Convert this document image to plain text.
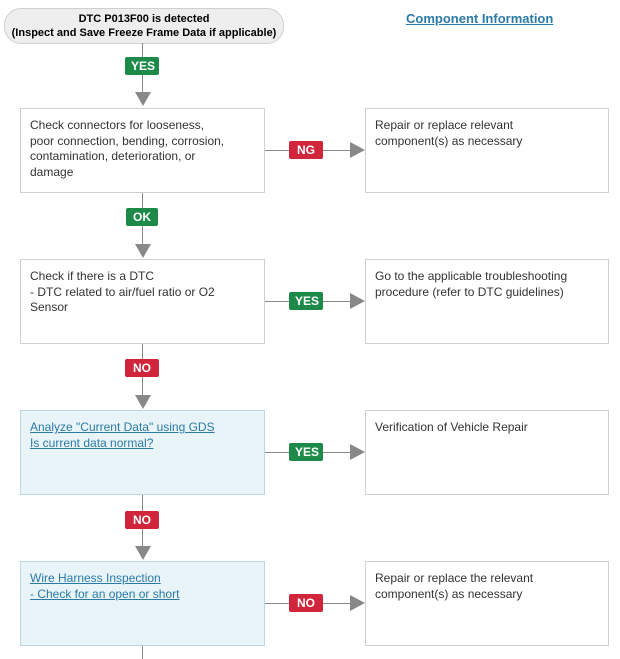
DTC P013F00 is detected
(Inspect and Save Freeze Frame Data if applicable)
Component Information
YES
Check connectors for looseness,
poor connection, bending, corrosion,
contamination, deterioration, or
damage
NG
Repair or replace relevant
component(s) as necessary
OK
Check if there is a DTC
- DTC related to air/fuel ratio or O2
Sensor	YES
Go to the applicable troubleshooting
procedure (refer to DTC guidelines)
NO
Analyze "Current Data" using GDS
Is current data normal?
YES
Verification of Vehicle Repair
NO
Wire Harness Inspection
- Check for an open or short
NO
Repair or replace the relevant
component(s) as necessary
